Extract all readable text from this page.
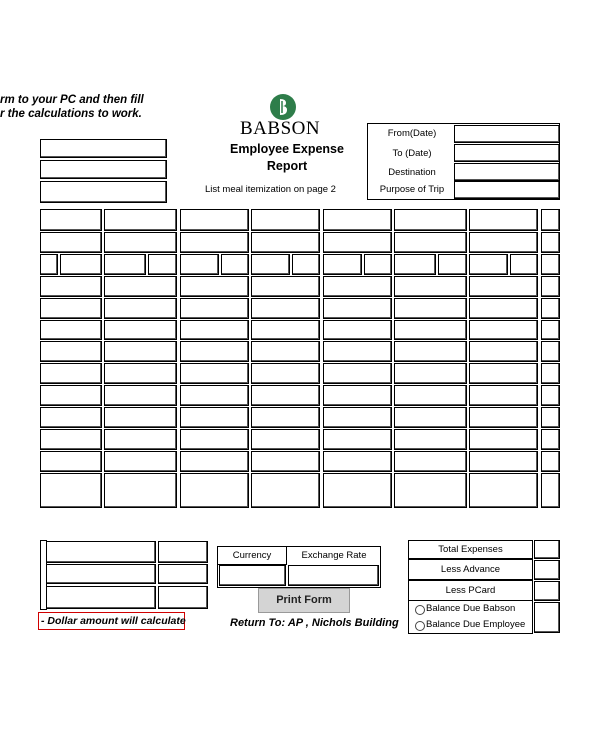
rm to your PC and then fill
r the calculations to work.
BABSON
Employee Expense
Report
List meal itemization on page 2
From(Date)
To (Date)
Destination
Purpose of Trip
- Dollar amount will calculate
Currency	Exchange Rate
Print Form
Return To: AP , Nichols Building
Total Expenses
Less Advance
Less PCard
Balance Due Babson
Balance Due Employee
